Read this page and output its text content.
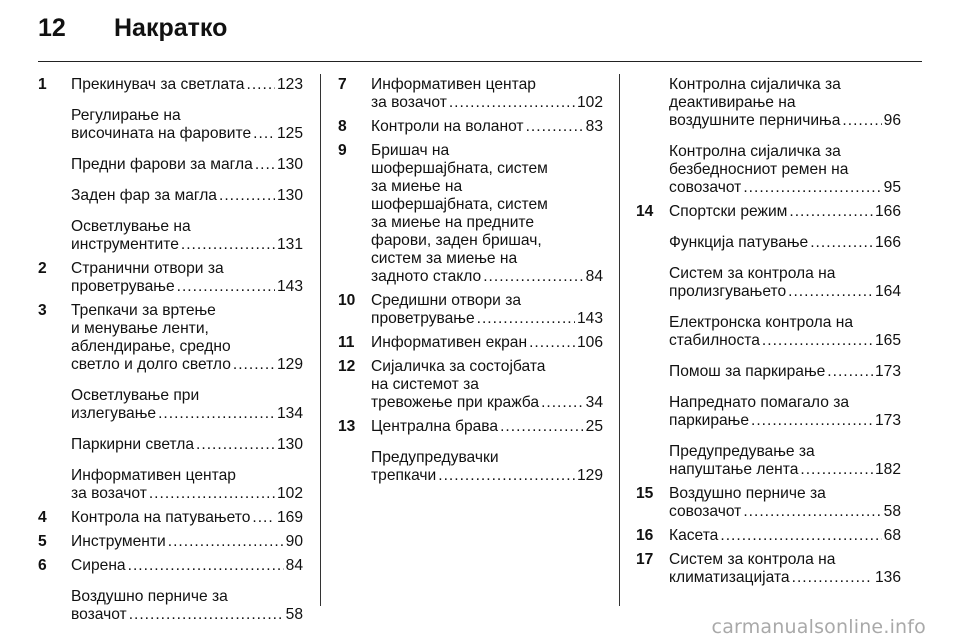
12 Накратко
1 Прекинувач за светлата ..... 123
Регулирање на
височината на фаровите ..... 125
Предни фарови за магла ..... 130
Заден фар за магла .....	130
Осветлување на
инструментите .....	131
2 Странични отвори за
проветрување .....	143
3 Трепкачи за вртење
и менување ленти,
аблендирање, средно
светло и долго светло .....	129
Осветлување при
излегување .....	134
Паркирни светла .....	130
Информативен центар
за возачот .....	102
4 Контрола на патувањето ..... 169
5 Инструменти .....	90
6 Сирена .....	84
Воздушно перниче за
возачот .....	58
7 Информативен центар
за возачот .....	102
8 Контроли на воланот .....	83
9 Бришач на
шофершајбната, систем
за миење на
шофершајбната, систем
за миење на предните
фарови, заден бришач,
систем за миење на
задното стакло .....	84
10 Средишни отвори за
проветрување .....	143
11 Информативен екран .....	106
12 Сијаличка за состојбата
на системот за
тревожење при кражба .....	34
13 Централна брава .....	25
Предупредувачки
трепкачи .....	129
Контролна сијаличка за
деактивирање на
воздушните перничиња .....	96
Контролна сијаличка за
безбедносниот ремен на
совозачот .....	95
14 Спортски режим .....	166
Функција патување .....	166
Систем за контрола на
пролизгувањето .....	164
Електронска контрола на
стабилноста .....	165
Помош за паркирање .....	173
Напреднато помагало за
паркирање .....	173
Предупредување за
напуштање лента .....	182
15 Воздушно перниче за
совозачот .....	58
16 Касета .....	68
17 Систем за контрола на
климатизацијата .....	136
carmanualsonline.info
